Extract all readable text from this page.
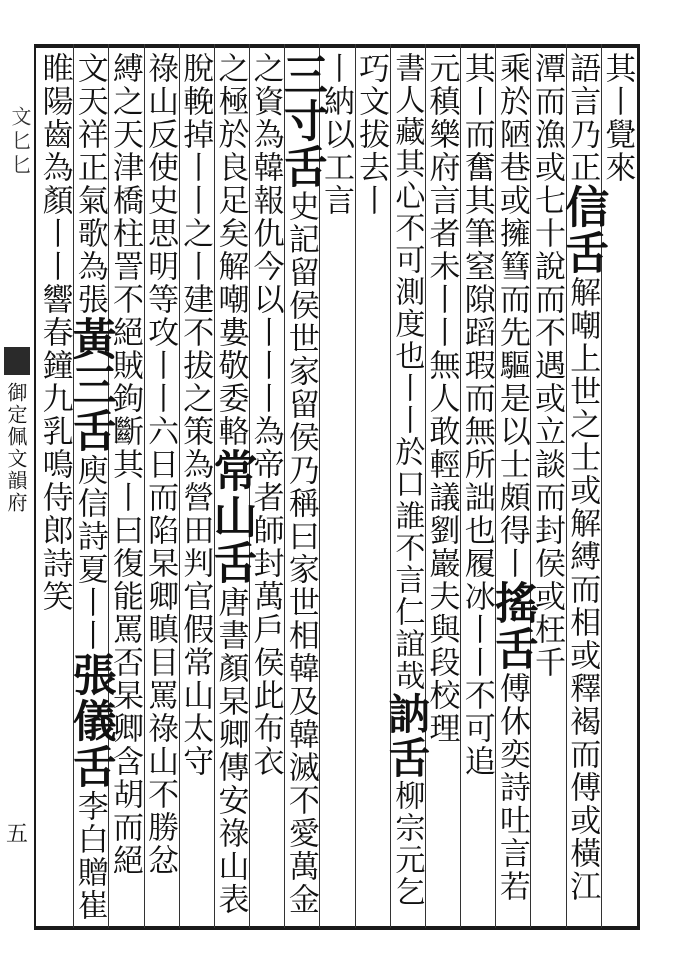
文匕匕
御定佩文韻府
五
其丨覺來
語言乃正信舌解嘲上世之士或解縛而相或釋褐而傅或橫江
潭而漁或七十說而不遇或立談而封侯或枉千
乘於陋巷或擁篲而先驅是以士頗得丨搖舌傅休奕詩吐言若
其丨而奮其筆窒隙蹈瑕而無所詘也履冰丨丨不可追
元稹樂府言者未丨丨無人敢輕議劉巖夫與段校理
書人藏其心不可測度也丨丨於口誰不言仁誼哉訥舌柳宗元乞
巧文拔去丨
丨納以工言
三寸舌史記留侯世家留侯乃稱曰家世相韓及韓滅不愛萬金
之資為韓報仇今以丨丨丨為帝者師封萬戶侯此布衣
之極於良足矣解嘲婁敬委輅常山舌唐書顏杲卿傳安祿山表
脫輓掉丨丨之丨建不拔之策為營田判官假常山太守
祿山反使史思明等攻丨丨六日而陷杲卿瞋目罵祿山不勝忿
縛之天津橋柱詈不絕賊鉤斷其丨曰復能罵否杲卿含胡而絕
文天祥正氣歌為張黃三舌庾信詩夏丨丨張儀舌李白贈崔
睢陽齒為顏丨丨響春鐘九乳鳴侍郎詩笑
